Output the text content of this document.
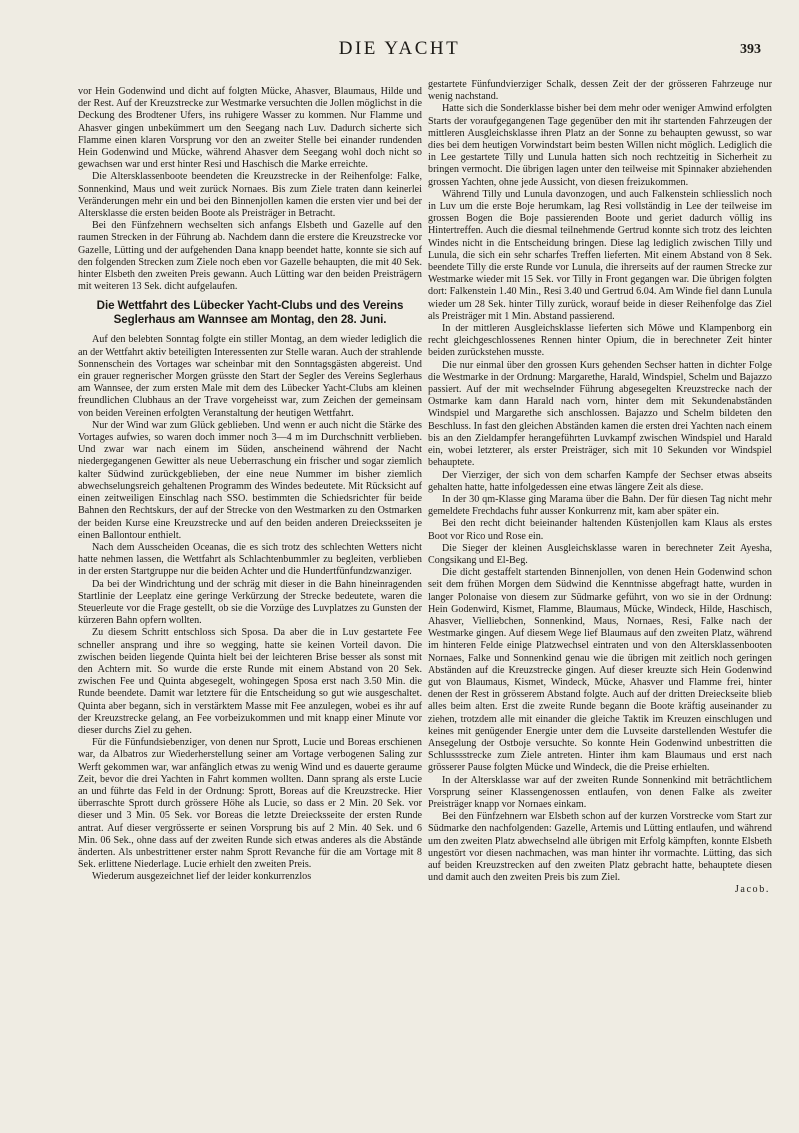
DIE YACHT	393

vor Hein Godenwind und dicht auf folgten Mücke, Ahasver, Blaumaus, Hilde und der Rest. Auf der Kreuzstrecke zur Westmarke versuchten die Jollen möglichst in die Deckung des Brodtener Ufers, ins ruhigere Wasser zu kommen. Nur Flamme und Ahasver gingen unbekümmert um den Seegang nach Luv. Dadurch sicherte sich Flamme einen klaren Vorsprung vor den an zweiter Stelle bei einander rundenden Hein Godenwind und Mücke, während Ahasver dem Seegang wohl doch nicht so gewachsen war und erst hinter Resi und Haschisch die Marke erreichte.

Die Altersklassenboote beendeten die Kreuzstrecke in der Reihenfolge: Falke, Sonnenkind, Maus und weit zurück Nornaes. Bis zum Ziele traten dann keinerlei Veränderungen mehr ein und bei den Binnenjollen kamen die ersten vier und bei der Altersklasse die ersten beiden Boote als Preisträger in Betracht.

Bei den Fünfzehnern wechselten sich anfangs Elsbeth und Gazelle auf den raumen Strecken in der Führung ab. Nachdem dann die erstere die Kreuzstrecke vor Gazelle, Lütting und der aufgehenden Dana knapp beendet hatte, konnte sie sich auf den folgenden Strecken zum Ziele noch eben vor Gazelle behaupten, die mit 40 Sek. hinter Elsbeth den zweiten Preis gewann. Auch Lütting war den beiden Preisträgern mit weiteren 13 Sek. dicht aufgelaufen.

Die Wettfahrt des Lübecker Yacht-Clubs und des Vereins Seglerhaus am Wannsee am Montag, den 28. Juni.

Auf den belebten Sonntag folgte ein stiller Montag, an dem wieder lediglich die an der Wettfahrt aktiv beteiligten Interessenten zur Stelle waran. Auch der strahlende Sonnenschein des Vortages war scheinbar mit den Sonntagsgästen abgereist. Und ein grauer regnerischer Morgen grüsste den Start der Segler des Vereins Seglerhaus am Wannsee, der zum ersten Male mit dem des Lübecker Yacht-Clubs am kleinen freundlichen Clubhaus an der Trave vorgeheisst war, zum Zeichen der gemeinsam von beiden Vereinen erfolgten Veranstaltung der heutigen Wettfahrt.

Nur der Wind war zum Glück geblieben. Und wenn er auch nicht die Stärke des Vortages aufwies, so waren doch immer noch 3—4 m im Durchschnitt verblieben. Und zwar war nach einem im Süden, anscheinend während der Nacht niedergegangenen Gewitter als neue Ueberraschung ein frischer und sogar ziemlich kalter Südwind zurückgeblieben, der eine neue Nummer im bisher ziemlich abwechselungsreich gehaltenen Programm des Windes bedeutete. Mit Rücksicht auf einen zeitweiligen Einschlag nach SSO. bestimmten die Schiedsrichter für beide Bahnen den Rechtskurs, der auf der Strecke von den Westmarken zu den Ostmarken der beiden Kurse eine Kreuzstrecke und auf den beiden anderen Dreiecksseiten je einen Ballontour enthielt.

Nach dem Ausscheiden Oceanas, die es sich trotz des schlechten Wetters nicht hatte nehmen lassen, die Wettfahrt als Schlachtenbummler zu begleiten, verblieben in der ersten Startgruppe nur die beiden Achter und die Hundertfünfundzwanziger.

Da bei der Windrichtung und der schräg mit dieser in die Bahn hineinragenden Startlinie der Leeplatz eine geringe Verkürzung der Strecke bedeutete, waren die Steuerleute vor die Frage gestellt, ob sie die Vorzüge des Luvplatzes zu Gunsten der kürzeren Bahn opfern wollten.

Zu diesem Schritt entschloss sich Sposa. Da aber die in Luv gestartete Fee schneller ansprang und ihre so wegging, hatte sie keinen Vorteil davon. Die zwischen beiden liegende Quinta hielt bei der leichteren Brise besser als sonst mit den Achtern mit. So wurde die erste Runde mit einem Abstand von 20 Sek. zwischen Fee und Quinta abgesegelt, wohingegen Sposa erst nach 3.50 Min. die Runde beendete. Damit war letztere für die Entscheidung so gut wie ausgeschaltet. Quinta aber begann, sich in verstärktem Masse mit Fee anzulegen, wobei es ihr auf der Kreuzstrecke gelang, an Fee vorbeizukommen und mit knapp einer Minute vor dieser durchs Ziel zu gehen.

Für die Fünfundsiebenziger, von denen nur Sprott, Lucie und Boreas erschienen war, da Albatros zur Wiederherstellung seiner am Vortage verbogenen Saling zur Werft gekommen war, war anfänglich etwas zu wenig Wind und es dauerte geraume Zeit, bevor die drei Yachten in Fahrt kommen wollten. Dann sprang als erste Lucie an und führte das Feld in der Ordnung: Sprott, Boreas auf die Kreuzstrecke. Hier überraschte Sprott durch grössere Höhe als Lucie, so dass er 2 Min. 20 Sek. vor dieser und 3 Min. 05 Sek. vor Boreas die letzte Dreiecksseite der ersten Runde antrat. Auf dieser vergrösserte er seinen Vorsprung bis auf 2 Min. 40 Sek. und 6 Min. 06 Sek., ohne dass auf der zweiten Runde sich etwas anderes als die Abstände änderten. Als unbestrittener erster nahm Sprott Revanche für die am Vortage mit 8 Sek. erlittene Niederlage. Lucie erhielt den zweiten Preis.

Wiederum ausgezeichnet lief der leider konkurrenzlos

gestartete Fünfundvierziger Schalk, dessen Zeit der der grösseren Fahrzeuge nur wenig nachstand.

Hatte sich die Sonderklasse bisher bei dem mehr oder weniger Amwind erfolgten Starts der voraufgegangenen Tage gegenüber den mit ihr startenden Fahrzeugen der mittleren Ausgleichsklasse ihren Platz an der Sonne zu behaupten gewusst, so war dies bei dem heutigen Vorwindstart beim besten Willen nicht möglich. Lediglich die in Lee gestartete Tilly und Lunula hatten sich noch rechtzeitig in Sicherheit zu bringen vermocht. Die übrigen lagen unter den teilweise mit Spinnaker abziehenden grossen Yachten, ohne jede Aussicht, von diesen freizukommen.

Während Tilly und Lunula davonzogen, und auch Falkenstein schliesslich noch in Luv um die erste Boje herumkam, lag Resi vollständig in Lee der teilweise im grossen Bogen die Boje passierenden Boote und geriet dadurch völlig ins Hintertreffen. Auch die diesmal teilnehmende Gertrud konnte sich trotz des leichten Windes nicht in die Entscheidung bringen. Diese lag lediglich zwischen Tilly und Lunula, die sich ein sehr scharfes Treffen lieferten. Mit einem Abstand von 8 Sek. beendete Tilly die erste Runde vor Lunula, die ihrerseits auf der raumen Strecke zur Westmarke wieder mit 15 Sek. vor Tilly in Front gegangen war. Die übrigen folgten dort: Falkenstein 1.40 Min., Resi 3.40 und Gertrud 6.04. Am Winde fiel dann Lunula wieder um 28 Sek. hinter Tilly zurück, worauf beide in dieser Reihenfolge das Ziel als Preisträger mit 1 Min. Abstand passierend.

In der mittleren Ausgleichsklasse lieferten sich Möwe und Klampenborg ein recht gleichgeschlossenes Rennen hinter Opium, die in berechneter Zeit hinter beiden zurückstehen musste.

Die nur einmal über den grossen Kurs gehenden Sechser hatten in dichter Folge die Westmarke in der Ordnung: Margarethe, Harald, Windspiel, Schelm und Bajazzo passiert. Auf der mit wechselnder Führung abgesegelten Kreuzstrecke nach der Ostmarke kam dann Harald nach vorn, hinter dem mit Sekundenabständen Windspiel und Margarethe sich anschlossen. Bajazzo und Schelm bildeten den Beschluss. In fast den gleichen Abständen kamen die ersten drei Yachten nach einem bis an den Zieldampfer herangeführten Luvkampf zwischen Windspiel und Harald ein, wobei letzterer, als erster Preisträger, sich mit 10 Sekunden vor Windspiel behauptete.

Der Vierziger, der sich von dem scharfen Kampfe der Sechser etwas abseits gehalten hatte, hatte infolgedessen eine etwas längere Zeit als diese.

In der 30 qm-Klasse ging Marama über die Bahn. Der für diesen Tag nicht mehr gemeldete Frechdachs fuhr ausser Konkurrenz mit, kam aber später ein.

Bei den recht dicht beieinander haltenden Küstenjollen kam Klaus als erstes Boot vor Rico und Rose ein.

Die Sieger der kleinen Ausgleichsklasse waren in berechneter Zeit Ayesha, Congsikang und El-Beg.

Die dicht gestaffelt startenden Binnenjollen, von denen Hein Godenwind schon seit dem frühen Morgen dem Südwind die Kenntnisse abgefragt hatte, wurden in langer Polonaise von diesem zur Südmarke geführt, von wo sie in der Ordnung: Hein Godenwird, Kismet, Flamme, Blaumaus, Mücke, Windeck, Hilde, Haschisch, Ahasver, Vielliebchen, Sonnenkind, Maus, Nornaes, Resi, Falke nach der Westmarke gingen. Auf diesem Wege lief Blaumaus auf den zweiten Platz, während im hinteren Felde einige Platzwechsel eintraten und von den Altersklassenbooten Nornaes, Falke und Sonnenkind genau wie die übrigen mit zeitlich noch geringen Abständen auf die Kreuzstrecke gingen. Auf dieser kreuzte sich Hein Godenwind gut von Blaumaus, Kismet, Windeck, Mücke, Ahasver und Flamme frei, hinter denen der Rest in grösserem Abstand folgte. Auch auf der dritten Dreieckseite blieb alles beim alten. Erst die zweite Runde begann die Boote kräftig auseinander zu ziehen, trotzdem alle mit einander die gleiche Taktik im Kreuzen einschlugen und keines mit genügender Energie unter dem die Luvseite darstellenden Westufer die Ansegelung der Ostboje versuchte. So konnte Hein Godenwind unbestritten die Schlusssstrecke zum Ziele antreten. Hinter ihm kam Blaumaus und erst nach grösserer Pause folgten Mücke und Windeck, die die Preise erhielten.

In der Altersklasse war auf der zweiten Runde Sonnenkind mit beträchtlichem Vorsprung seiner Klassengenossen entlaufen, von denen Falke als zweiter Preisträger knapp vor Nornaes einkam.

Bei den Fünfzehnern war Elsbeth schon auf der kurzen Vorstrecke vom Start zur Südmarke den nachfolgenden: Gazelle, Artemis und Lütting entlaufen, und während um den zweiten Platz abwechselnd alle übrigen mit Erfolg kämpften, konnte Elsbeth ungestört vor diesen nachmachen, was man hinter ihr vormachte. Lütting, das sich auf beiden Kreuzstrecken auf den zweiten Platz gebracht hatte, behauptete diesen und damit auch den zweiten Preis bis zum Ziel.

Jacob.
